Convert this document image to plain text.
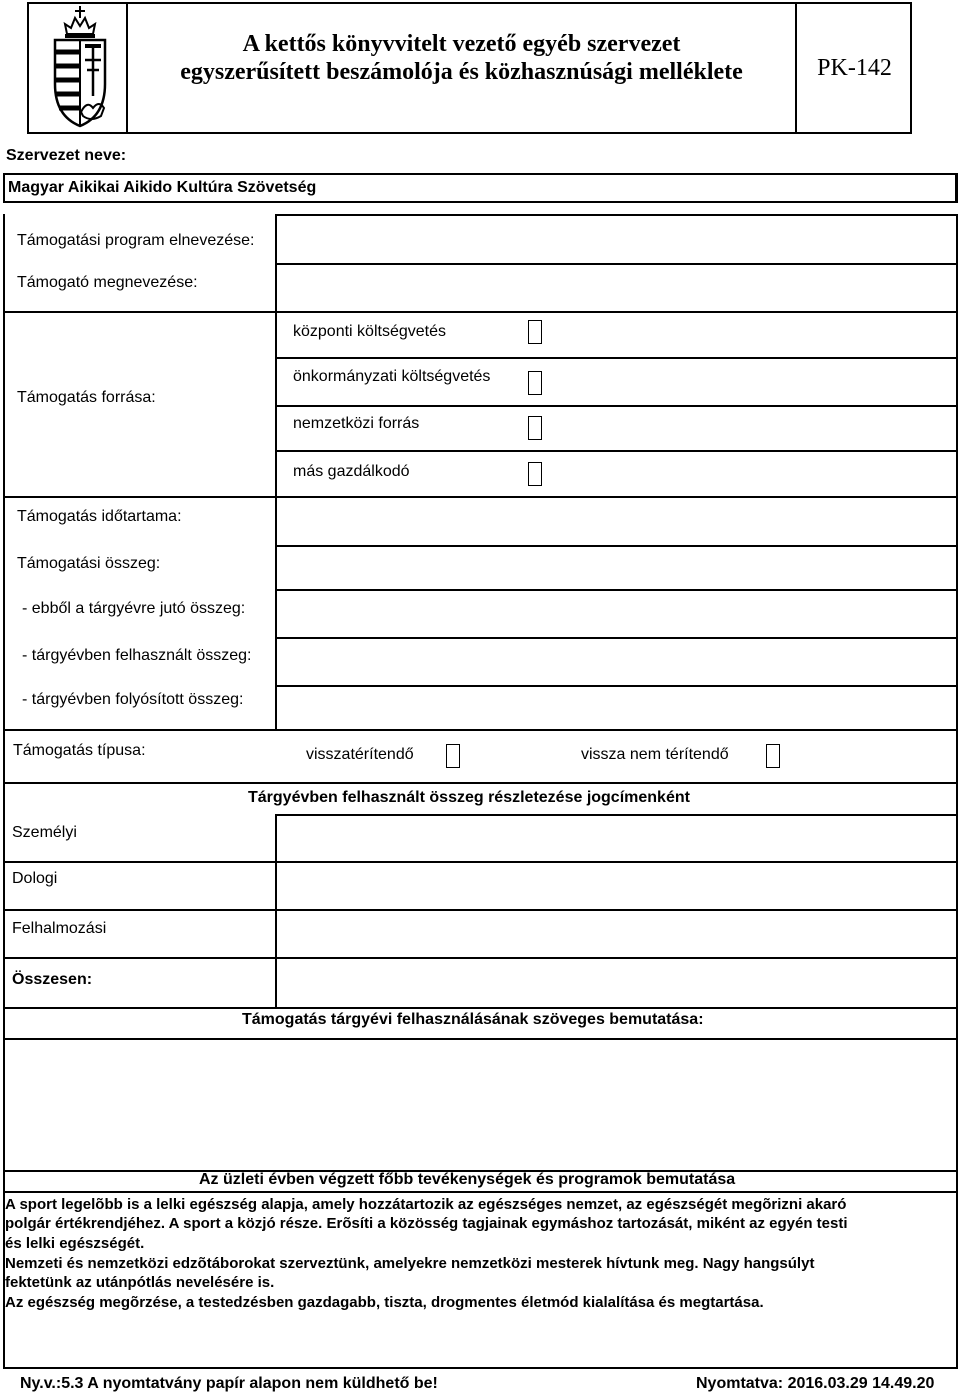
A kettős könyvvitelt vezető egyéb szervezet
egyszerűsített beszámolója és közhasznúsági melléklete	PK-142
Szervezet neve:
Magyar Aikikai Aikido Kultúra Szövetség
Támogatási program elnevezése:
Támogató megnevezése:
Támogatás forrása:
központi költségvetés
önkormányzati költségvetés
nemzetközi forrás
más gazdálkodó
Támogatás időtartama:
Támogatási összeg:
- ebből a tárgyévre jutó összeg:
- tárgyévben felhasznált összeg:
- tárgyévben folyósított összeg:
Támogatás típusa:	visszatérítendő	vissza nem térítendő
Tárgyévben felhasznált összeg részletezése jogcímenként
Személyi
Dologi
Felhalmozási
Összesen:
Támogatás tárgyévi felhasználásának szöveges bemutatása:
Az üzleti évben végzett főbb tevékenységek és programok bemutatása
A sport legelõbb is a lelki egészség alapja, amely hozzátartozik az egészséges nemzet, az egészségét megõrizni akaró
polgár értékrendjéhez. A sport a közjó része. Erõsíti a közösség tagjainak egymáshoz tartozását, miként az egyén testi
és lelki egészségét.
Nemzeti és nemzetközi edzõtáborokat szerveztünk, amelyekre nemzetközi mesterek hívtunk meg. Nagy hangsúlyt
fektetünk az utánpótlás nevelésére is.
Az egészség megõrzése, a testedzésben gazdagabb, tiszta, drogmentes életmód kialalítása és megtartása.
Ny.v.:5.3 A nyomtatvány papír alapon nem küldhető be!	Nyomtatva: 2016.03.29 14.49.20
